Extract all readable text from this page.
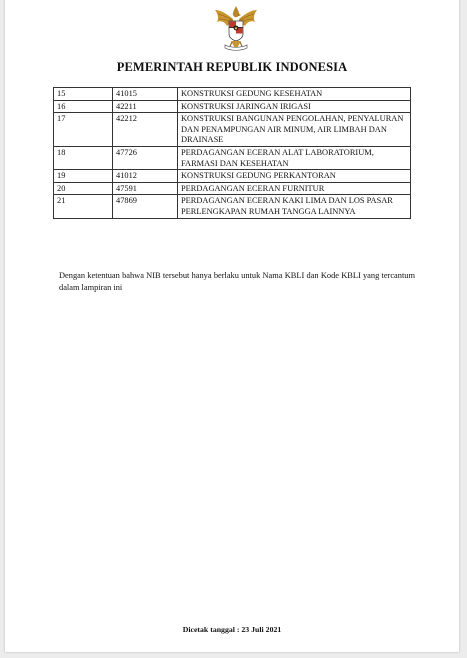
PEMERINTAH REPUBLIK INDONESIA
15	41015	KONSTRUKSI GEDUNG KESEHATAN
16	42211	KONSTRUKSI JARINGAN IRIGASI
17	42212	KONSTRUKSI BANGUNAN PENGOLAHAN, PENYALURAN DAN PENAMPUNGAN AIR MINUM, AIR LIMBAH DAN DRAINASE
18	47726	PERDAGANGAN ECERAN ALAT LABORATORIUM, FARMASI DAN KESEHATAN
19	41012	KONSTRUKSI GEDUNG PERKANTORAN
20	47591	PERDAGANGAN ECERAN FURNITUR
21	47869	PERDAGANGAN ECERAN KAKI LIMA DAN LOS PASAR PERLENGKAPAN RUMAH TANGGA LAINNYA
Dengan ketentuan bahwa NIB tersebut hanya berlaku untuk Nama KBLI dan Kode KBLI yang tercantum dalam lampiran ini
Dicetak tanggal : 23 Juli 2021
